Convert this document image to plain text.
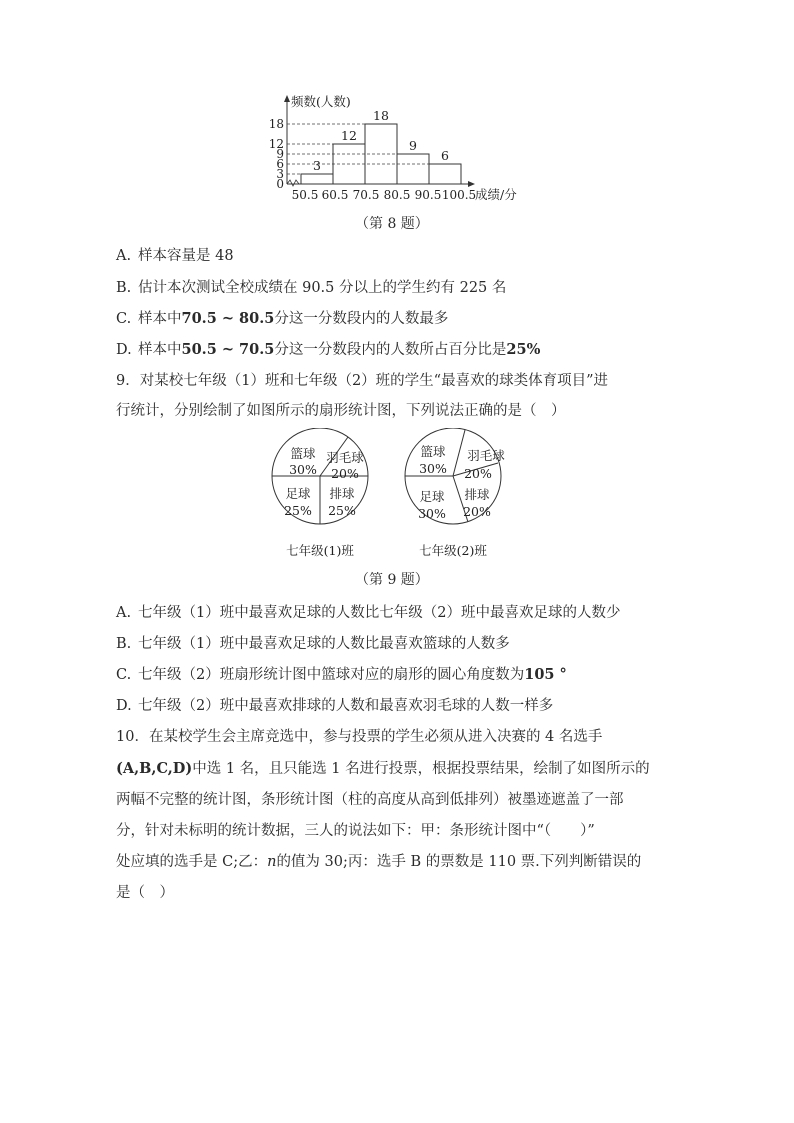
频数(人数)
成绩/分
18
12
9
6
3
0
3
12
18
9
6
50.5 60.5 70.5 80.5 90.5 100.5
（第 8 题）
A. 样本容量是 48
B. 估计本次测试全校成绩在 90.5 分以上的学生约有 225 名
C. 样本中70.5 ~ 80.5分这一分数段内的人数最多
D. 样本中50.5 ~ 70.5分这一分数段内的人数所占百分比是25%
9．对某校七年级（1）班和七年级（2）班的学生“最喜欢的球类体育项目”进
行统计，分别绘制了如图所示的扇形统计图，下列说法正确的是（　）
篮球
30%
羽毛球
20%
足球
25%
排球
25%
七年级(1)班
篮球
30%
羽毛球
20%
足球
30%
排球
20%
七年级(2)班
（第 9 题）
A. 七年级（1）班中最喜欢足球的人数比七年级（2）班中最喜欢足球的人数少
B. 七年级（1）班中最喜欢足球的人数比最喜欢篮球的人数多
C. 七年级（2）班扇形统计图中篮球对应的扇形的圆心角度数为105 °
D. 七年级（2）班中最喜欢排球的人数和最喜欢羽毛球的人数一样多
10．在某校学生会主席竞选中，参与投票的学生必须从进入决赛的 4 名选手
(A,B,C,D)中选 1 名，且只能选 1 名进行投票，根据投票结果，绘制了如图所示的
两幅不完整的统计图，条形统计图（柱的高度从高到低排列）被墨迹遮盖了一部
分，针对未标明的统计数据，三人的说法如下：甲：条形统计图中“（　　）”
处应填的选手是 C;乙：n的值为 30;丙：选手 B 的票数是 110 票.下列判断错误的
是（　）
